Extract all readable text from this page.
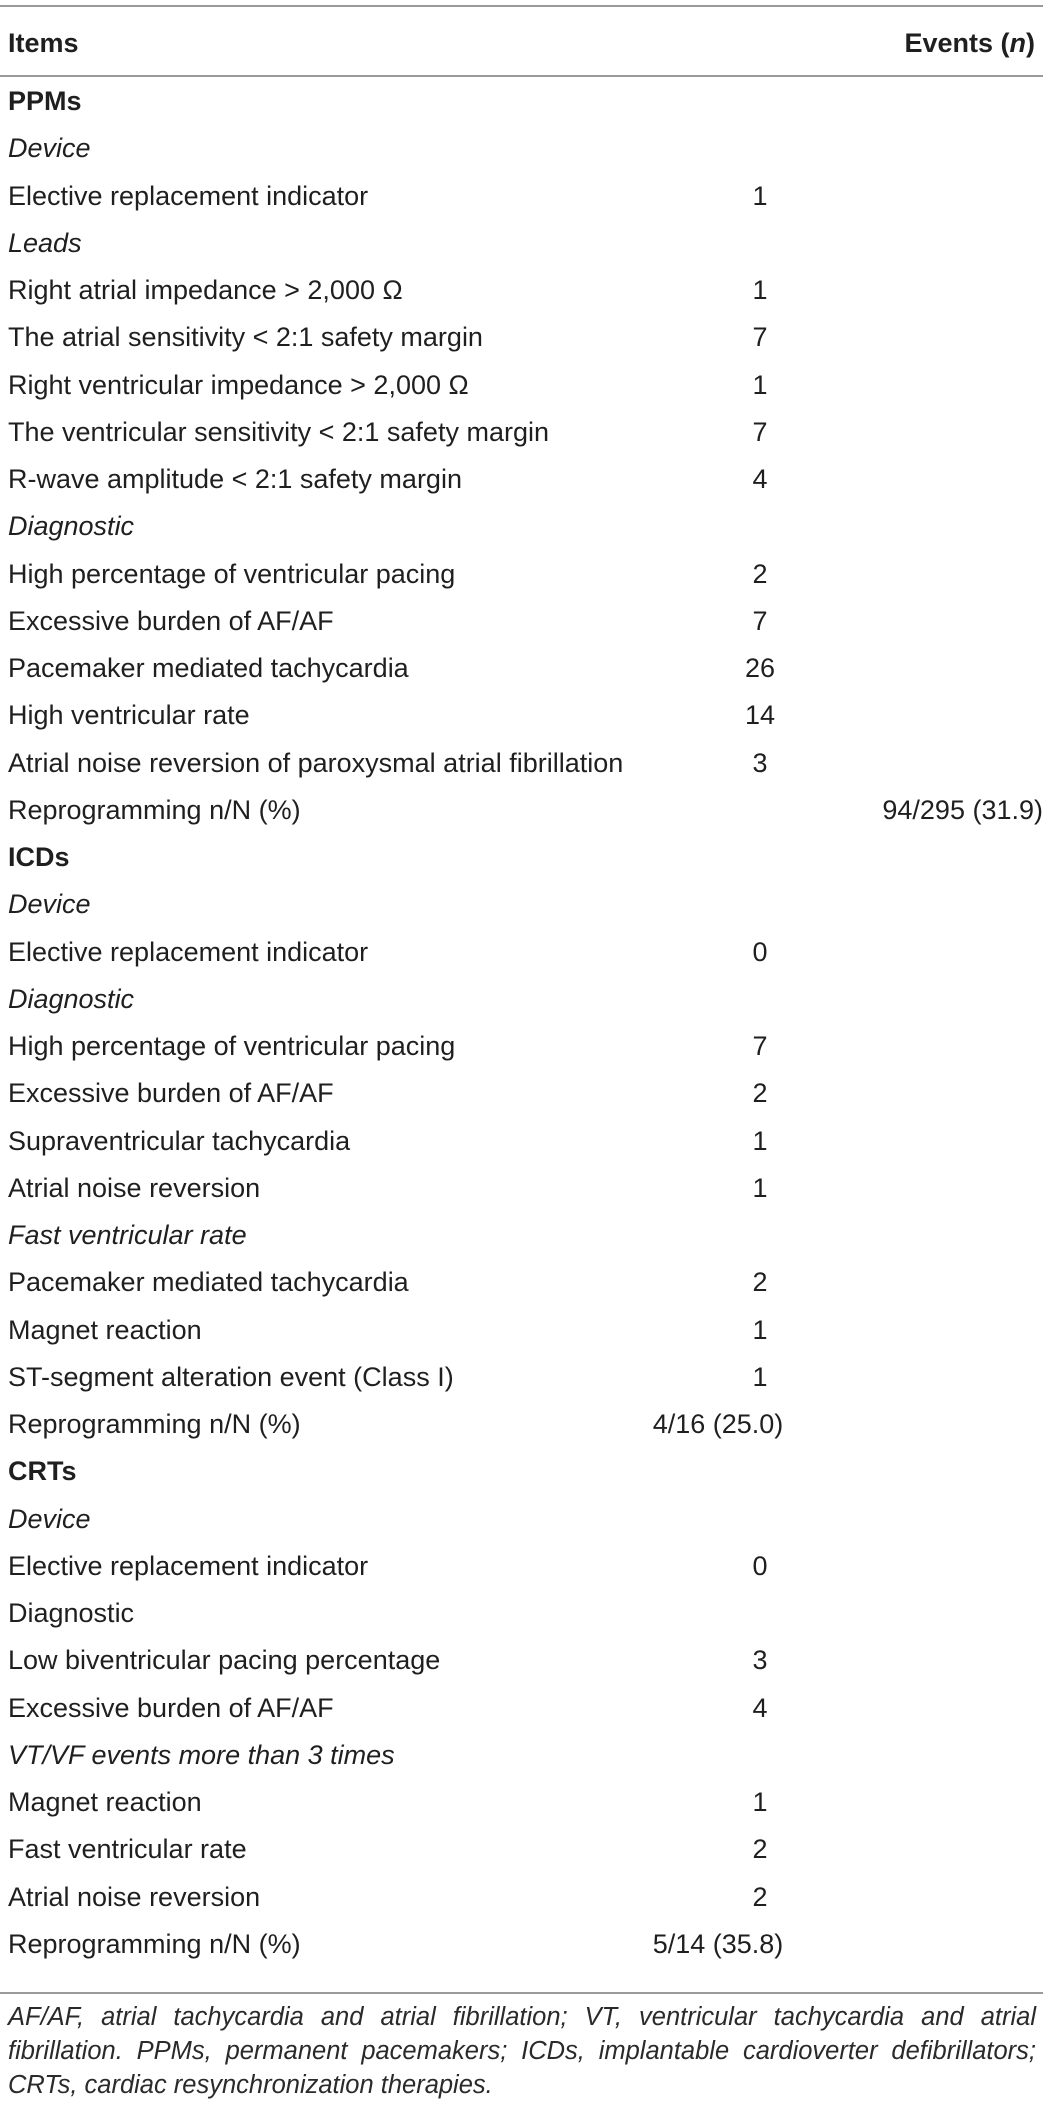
Items	Events (n)
PPMs
Device
Elective replacement indicator	1
Leads
Right atrial impedance > 2,000 Ω	1
The atrial sensitivity < 2:1 safety margin	7
Right ventricular impedance > 2,000 Ω	1
The ventricular sensitivity < 2:1 safety margin	7
R-wave amplitude < 2:1 safety margin	4
Diagnostic
High percentage of ventricular pacing	2
Excessive burden of AF/AF	7
Pacemaker mediated tachycardia	26
High ventricular rate	14
Atrial noise reversion of paroxysmal atrial fibrillation	3
Reprogramming n/N (%)	94/295 (31.9)
ICDs
Device
Elective replacement indicator	0
Diagnostic
High percentage of ventricular pacing	7
Excessive burden of AF/AF	2
Supraventricular tachycardia	1
Atrial noise reversion	1
Fast ventricular rate
Pacemaker mediated tachycardia	2
Magnet reaction	1
ST-segment alteration event (Class I)	1
Reprogramming n/N (%)	4/16 (25.0)
CRTs
Device
Elective replacement indicator	0
Diagnostic
Low biventricular pacing percentage	3
Excessive burden of AF/AF	4
VT/VF events more than 3 times
Magnet reaction	1
Fast ventricular rate	2
Atrial noise reversion	2
Reprogramming n/N (%)	5/14 (35.8)
AF/AF, atrial tachycardia and atrial fibrillation; VT, ventricular tachycardia and atrial fibrillation. PPMs, permanent pacemakers; ICDs, implantable cardioverter defibrillators; CRTs, cardiac resynchronization therapies.
